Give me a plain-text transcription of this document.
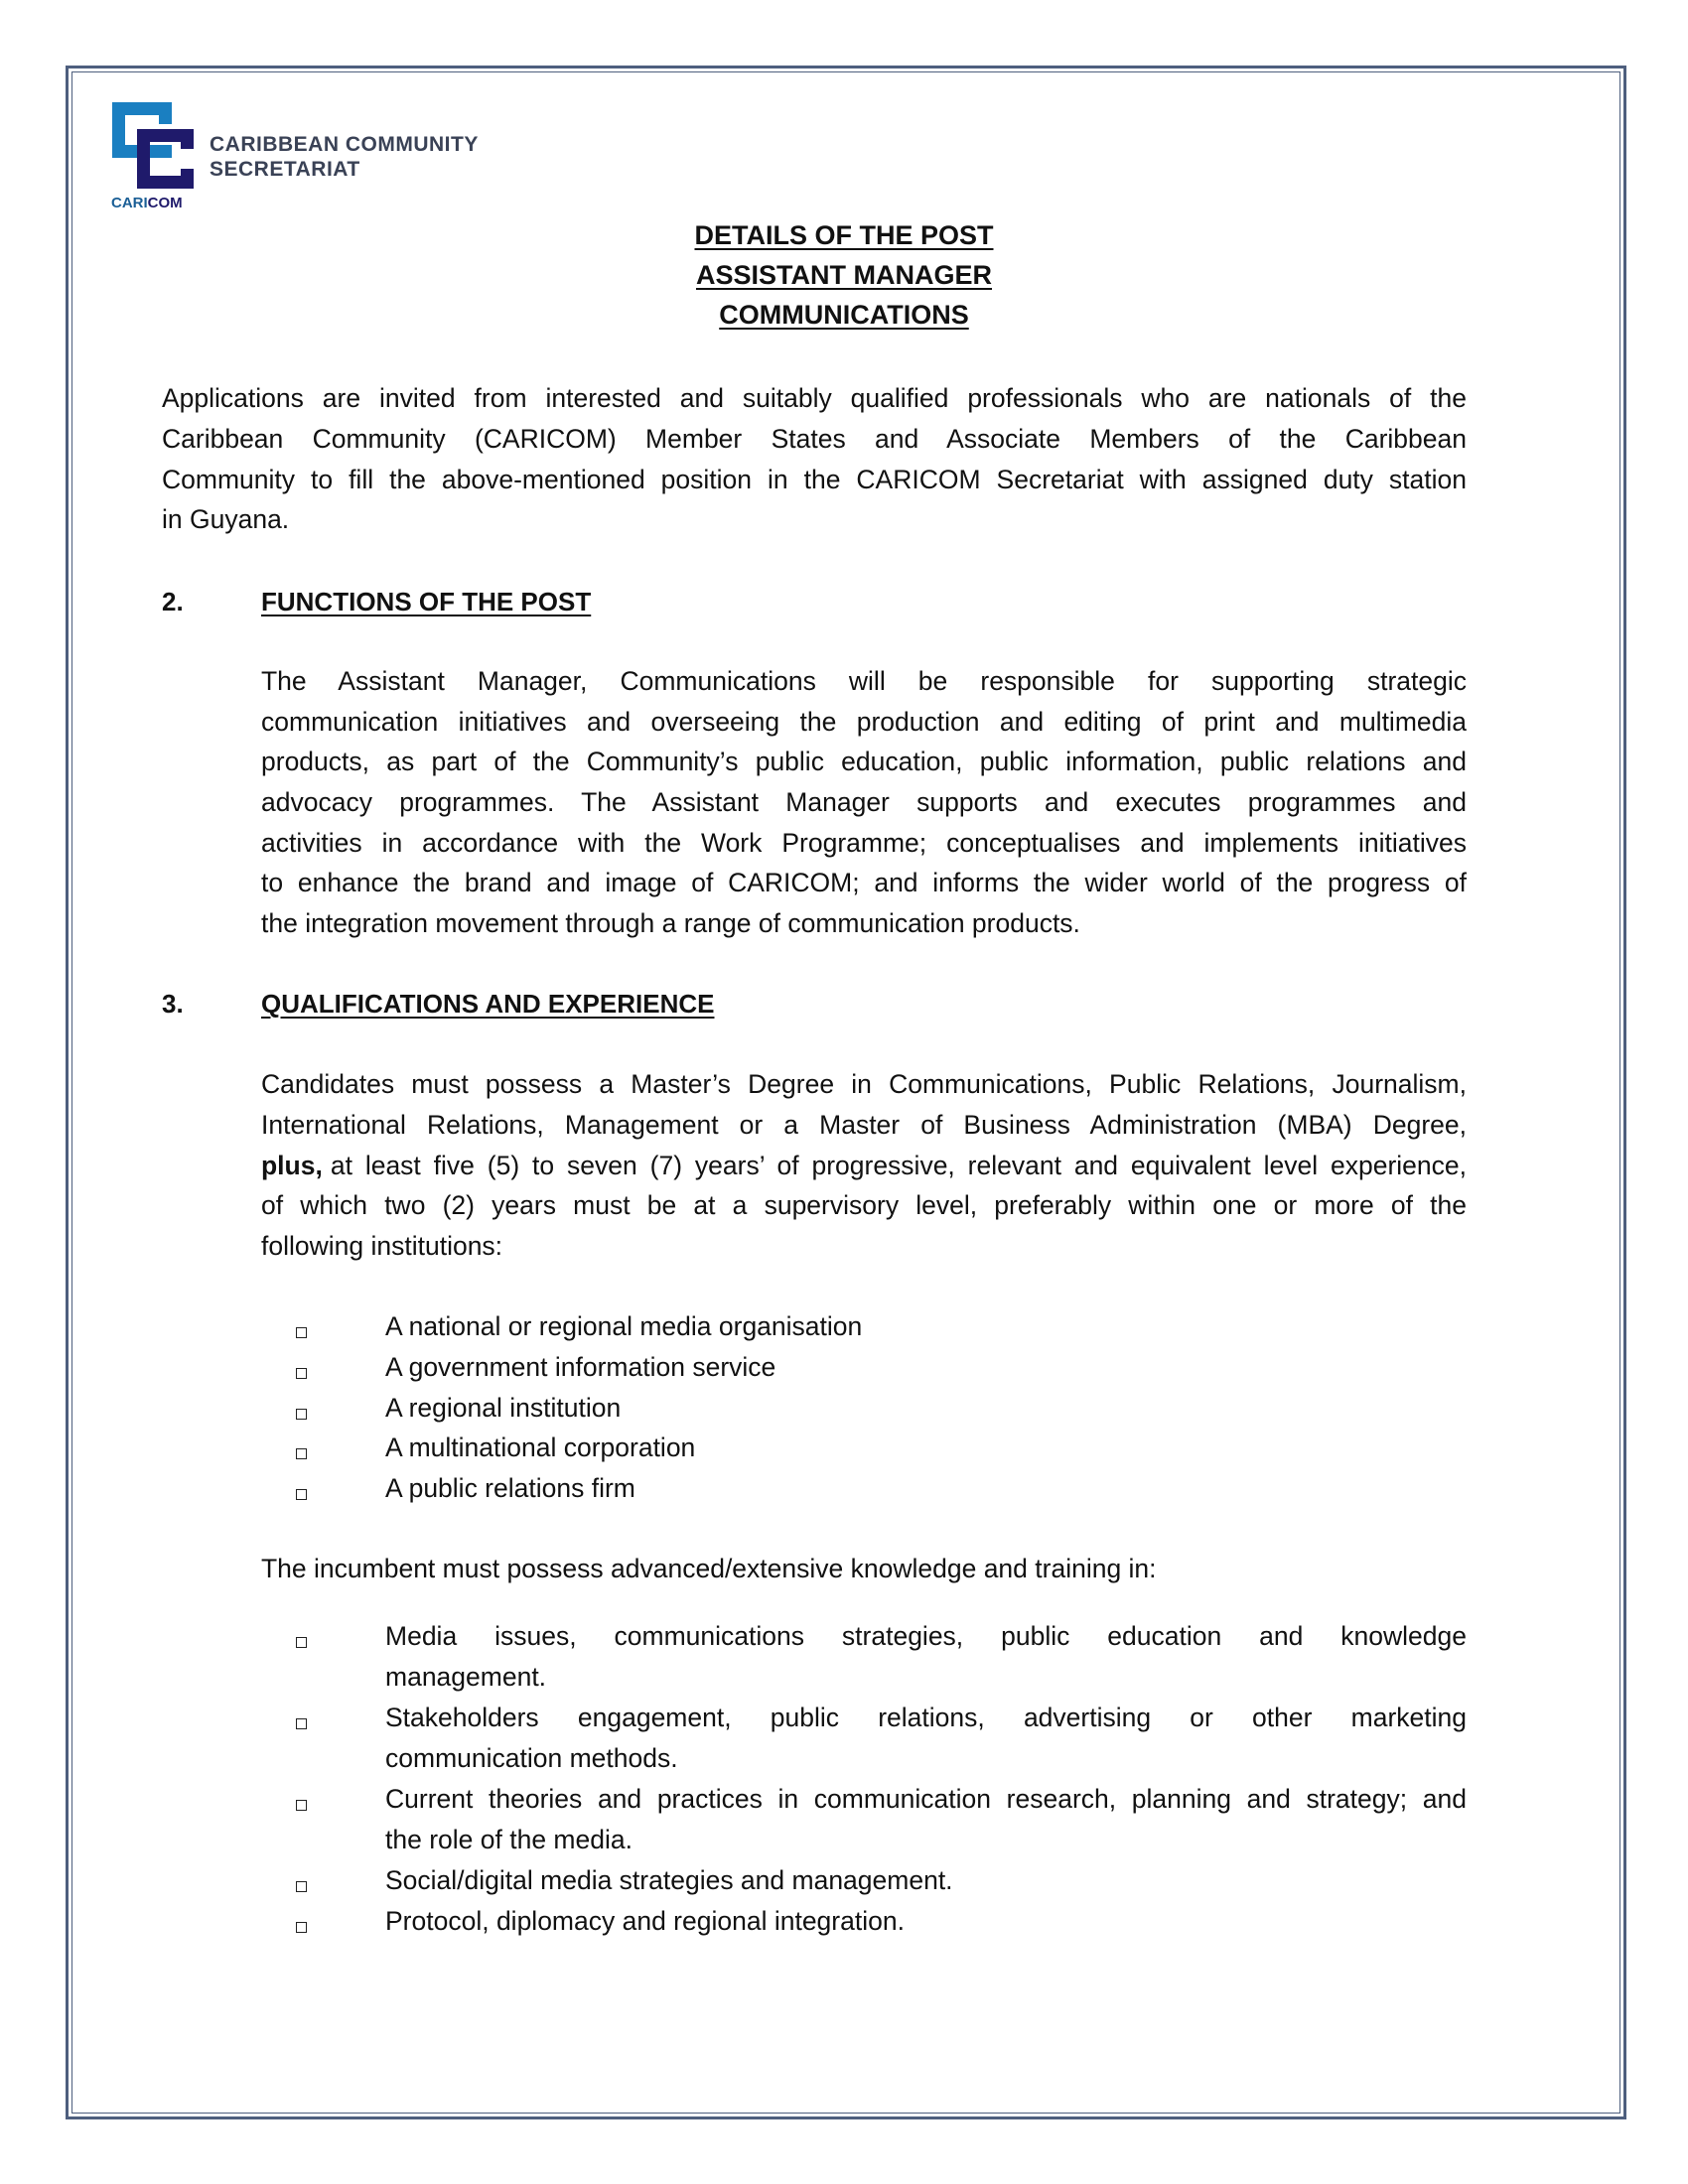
CARICOM
CARIBBEAN COMMUNITY
SECRETARIAT
DETAILS OF THE POST
ASSISTANT MANAGER
COMMUNICATIONS
Applications are invited from interested and suitably qualified professionals who are nationals of the
Caribbean Community (CARICOM) Member States and Associate Members of the Caribbean
Community to fill the above-mentioned position in the CARICOM Secretariat with assigned duty station
in Guyana.
2.	FUNCTIONS OF THE POST
The Assistant Manager, Communications will be responsible for supporting strategic
communication initiatives and overseeing the production and editing of print and multimedia
products, as part of the Community’s public education, public information, public relations and
advocacy programmes. The Assistant Manager supports and executes programmes and
activities in accordance with the Work Programme; conceptualises and implements initiatives
to enhance the brand and image of CARICOM; and informs the wider world of the progress of
the integration movement through a range of communication products.
3.	QUALIFICATIONS AND EXPERIENCE
Candidates must possess a Master’s Degree in Communications, Public Relations, Journalism,
International Relations, Management or a Master of Business Administration (MBA) Degree,
plus, at least five (5) to seven (7) years’ of progressive, relevant and equivalent level experience,
of which two (2) years must be at a supervisory level, preferably within one or more of the
following institutions:
A national or regional media organisation
A government information service
A regional institution
A multinational corporation
A public relations firm
The incumbent must possess advanced/extensive knowledge and training in:
Media issues, communications strategies, public education and knowledge
management.
Stakeholders engagement, public relations, advertising or other marketing
communication methods.
Current theories and practices in communication research, planning and strategy; and
the role of the media.
Social/digital media strategies and management.
Protocol, diplomacy and regional integration.
